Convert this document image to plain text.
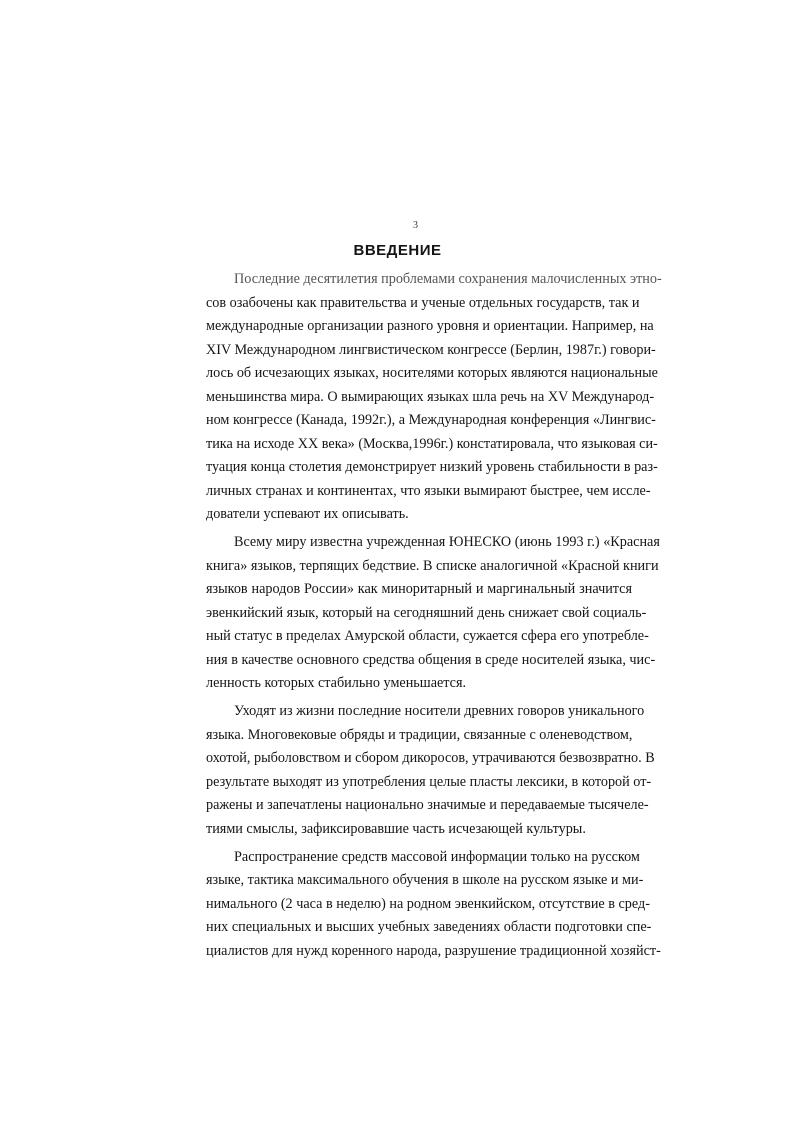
3
ВВЕДЕНИЕ

Последние десятилетия проблемами сохранения малочисленных этно-
сов озабочены как правительства и ученые отдельных государств, так и
международные организации разного уровня и ориентации. Например, на
XIV Международном лингвистическом конгрессе (Берлин, 1987г.) говори-
лось об исчезающих языках, носителями которых являются национальные
меньшинства мира. О вымирающих языках шла речь на XV Международ-
ном конгрессе (Канада, 1992г.), а Международная конференция «Лингвис-
тика на исходе XX века» (Москва,1996г.) констатировала, что языковая си-
туация конца столетия демонстрирует низкий уровень стабильности в раз-
личных странах и континентах, что языки вымирают быстрее, чем иссле-
дователи успевают их описывать.

Всему миру известна учрежденная ЮНЕСКО (июнь 1993 г.) «Красная
книга» языков, терпящих бедствие. В списке аналогичной «Красной книги
языков народов России» как миноритарный и маргинальный значится
эвенкийский язык, который на сегодняшний день снижает свой социаль-
ный статус в пределах Амурской области, сужается сфера его употребле-
ния в качестве основного средства общения в среде носителей языка, чис-
ленность которых стабильно уменьшается.

Уходят из жизни последние носители древних говоров уникального
языка. Многовековые обряды и традиции, связанные с оленеводством,
охотой, рыболовством и сбором дикоросов, утрачиваются безвозвратно. В
результате выходят из употребления целые пласты лексики, в которой от-
ражены и запечатлены национально значимые и передаваемые тысячеле-
тиями смыслы, зафиксировавшие часть исчезающей культуры.

Распространение средств массовой информации только на русском
языке, тактика максимального обучения в школе на русском языке и ми-
нимального (2 часа в неделю) на родном эвенкийском, отсутствие в сред-
них специальных и высших учебных заведениях области подготовки спе-
циалистов для нужд коренного народа, разрушение традиционной хозяйст-
